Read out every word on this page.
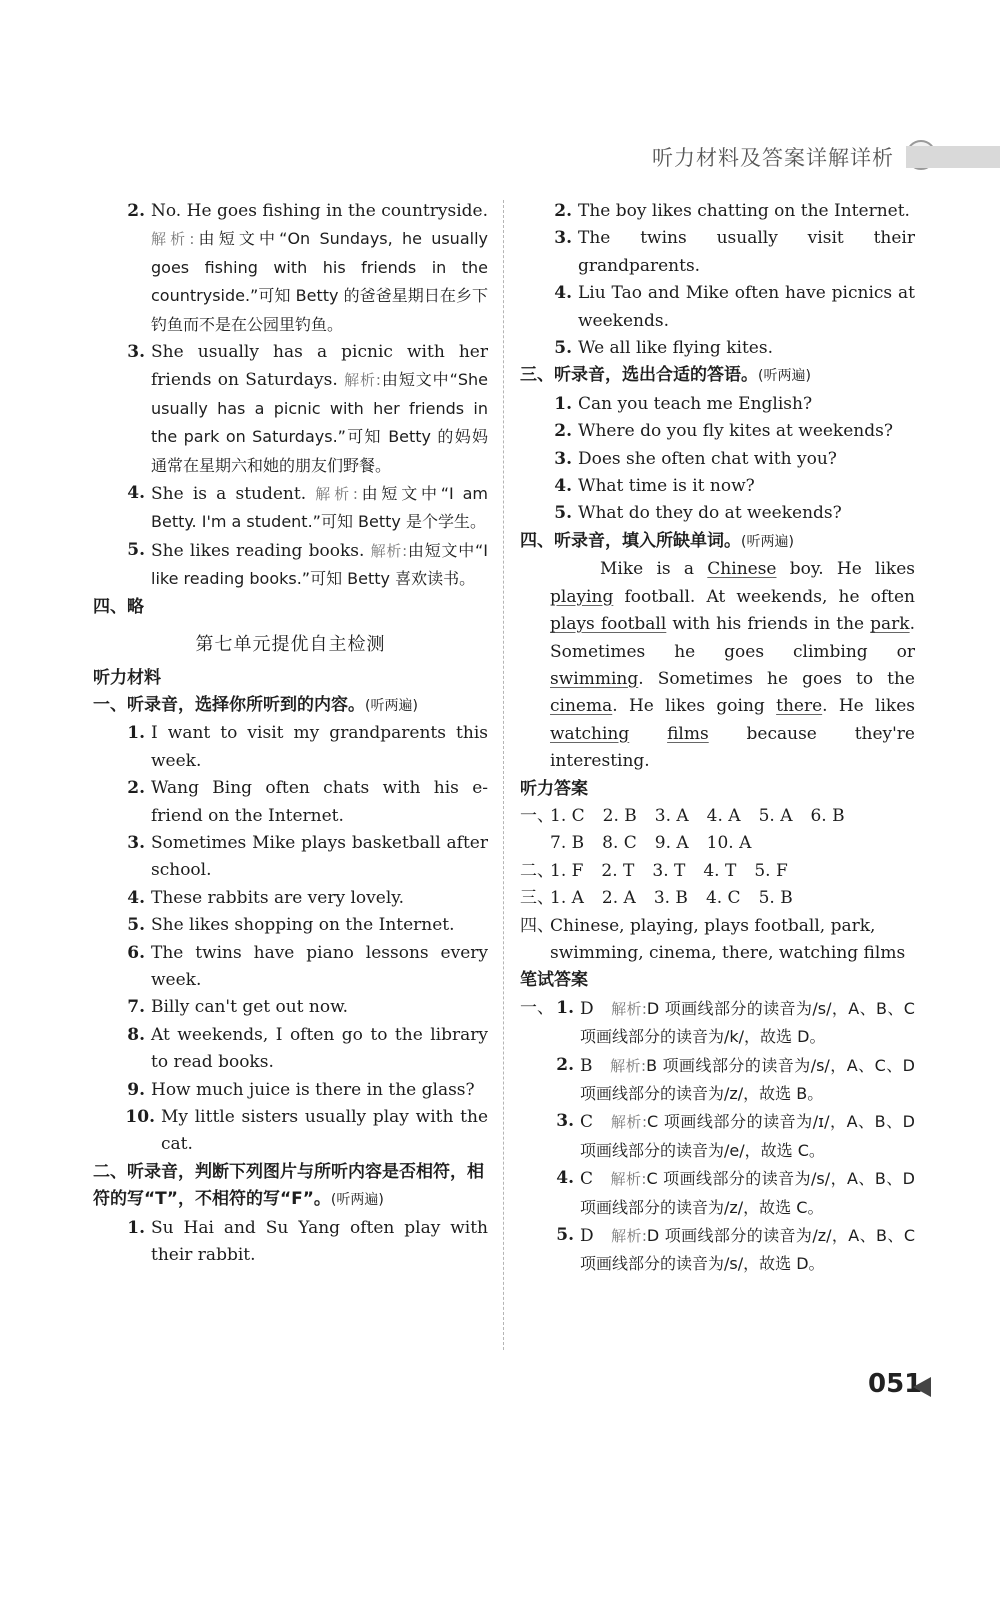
听力材料及答案详解详析
2. No. He goes fishing in the countryside. 解析:由短文中“On Sundays, he usually goes fishing with his friends in the countryside.”可知 Betty 的爸爸星期日在乡下钓鱼而不是在公园里钓鱼。
3. She usually has a picnic with her friends on Saturdays. 解析:由短文中“She usually has a picnic with her friends in the park on Saturdays.”可知 Betty 的妈妈通常在星期六和她的朋友们野餐。
4. She is a student. 解析:由短文中“I am Betty. I'm a student.”可知 Betty 是个学生。
5. She likes reading books. 解析:由短文中“I like reading books.”可知 Betty 喜欢读书。
四、略
第七单元提优自主检测
听力材料
一、听录音，选择你所听到的内容。(听两遍)
1. I want to visit my grandparents this week.
2. Wang Bing often chats with his e-friend on the Internet.
3. Sometimes Mike plays basketball after school.
4. These rabbits are very lovely.
5. She likes shopping on the Internet.
6. The twins have piano lessons every week.
7. Billy can't get out now.
8. At weekends, I often go to the library to read books.
9. How much juice is there in the glass?
10. My little sisters usually play with the cat.
二、听录音，判断下列图片与所听内容是否相符，相符的写“T”，不相符的写“F”。(听两遍)
1. Su Hai and Su Yang often play with their rabbit.
2. The boy likes chatting on the Internet.
3. The twins usually visit their grandparents.
4. Liu Tao and Mike often have picnics at weekends.
5. We all like flying kites.
三、听录音，选出合适的答语。(听两遍)
1. Can you teach me English?
2. Where do you fly kites at weekends?
3. Does she often chat with you?
4. What time is it now?
5. What do they do at weekends?
四、听录音，填入所缺单词。(听两遍)
Mike is a Chinese boy. He likes playing football. At weekends, he often plays football with his friends in the park. Sometimes he goes climbing or swimming. Sometimes he goes to the cinema. He likes going there. He likes watching films because they're interesting.
听力答案
一、
1. C 2. B 3. A 4. A 5. A 6. B
7. B 8. C 9. A 10. A
二、
1. F 2. T 3. T 4. T 5. F
三、
1. A 2. A 3. B 4. C 5. B
四、
Chinese, playing, plays football, park, swimming, cinema, there, watching films
笔试答案
一、 1. D 解析:D 项画线部分的读音为/s/，A、B、C 项画线部分的读音为/k/，故选 D。
2. B 解析:B 项画线部分的读音为/s/，A、C、D 项画线部分的读音为/z/，故选 B。
3. C 解析:C 项画线部分的读音为/ɪ/，A、B、D 项画线部分的读音为/e/，故选 C。
4. C 解析:C 项画线部分的读音为/s/，A、B、D 项画线部分的读音为/z/，故选 C。
5. D 解析:D 项画线部分的读音为/z/，A、B、C 项画线部分的读音为/s/，故选 D。
051
